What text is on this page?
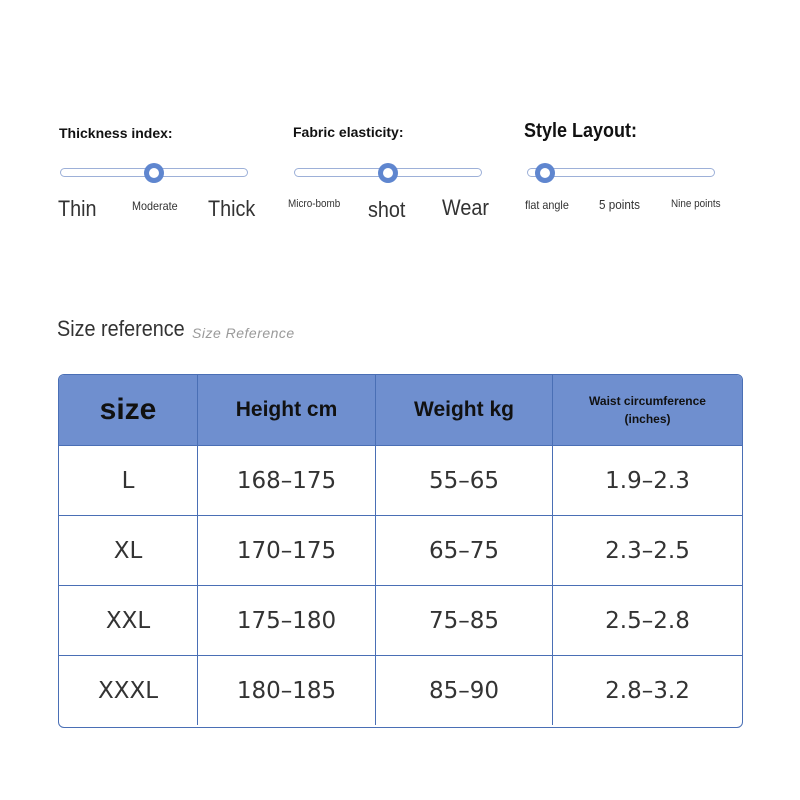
Thickness index:
Thin	Moderate Thick
Fabric elasticity:
Micro-bomb shot Wear
Style Layout:
flat angle 5 points	Nine points
Size reference Size Reference
size	Height cm	Weight kg	Waist circumference
(inches)
L	168–175	55–65	1.9–2.3
XL	170–175	65–75	2.3–2.5
XXL	175–180	75–85	2.5–2.8
XXXL	180–185	85–90	2.8–3.2
